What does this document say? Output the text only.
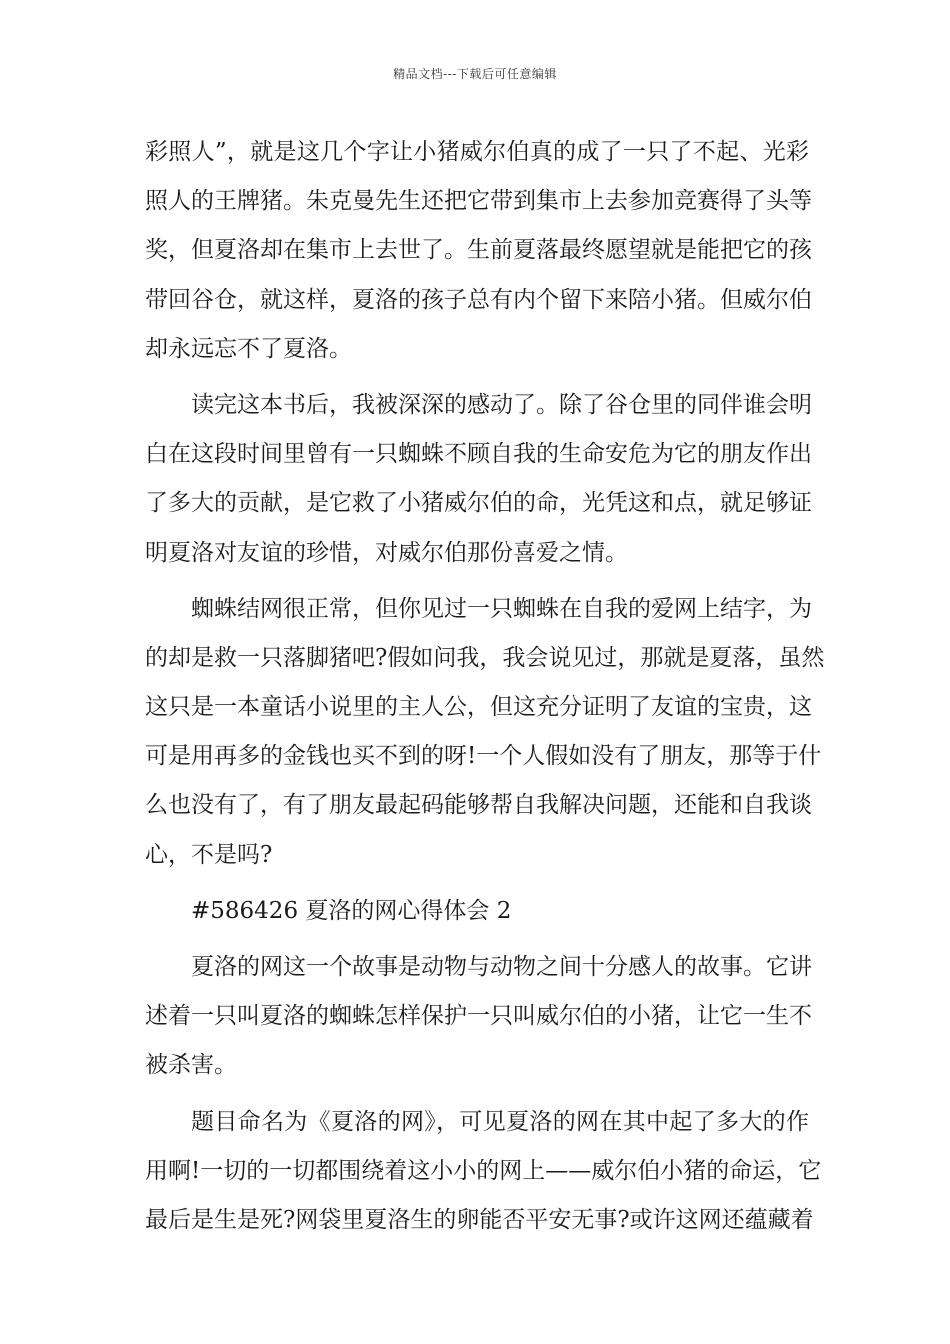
精品文档---下载后可任意编辑
彩照人”，就是这几个字让小猪威尔伯真的成了一只了不起、光彩
照人的王牌猪。朱克曼先生还把它带到集市上去参加竞赛得了头等
奖，但夏洛却在集市上去世了。生前夏落最终愿望就是能把它的孩
带回谷仓，就这样，夏洛的孩子总有内个留下来陪小猪。但威尔伯
却永远忘不了夏洛。
读完这本书后，我被深深的感动了。除了谷仓里的同伴谁会明
白在这段时间里曾有一只蜘蛛不顾自我的生命安危为它的朋友作出
了多大的贡献，是它救了小猪威尔伯的命，光凭这和点，就足够证
明夏洛对友谊的珍惜，对威尔伯那份喜爱之情。
蜘蛛结网很正常，但你见过一只蜘蛛在自我的爱网上结字，为
的却是救一只落脚猪吧?假如问我，我会说见过，那就是夏落，虽然
这只是一本童话小说里的主人公，但这充分证明了友谊的宝贵，这
可是用再多的金钱也买不到的呀!一个人假如没有了朋友，那等于什
么也没有了，有了朋友最起码能够帮自我解决问题，还能和自我谈
心，不是吗?
#586426 夏洛的网心得体会 2
夏洛的网这一个故事是动物与动物之间十分感人的故事。它讲
述着一只叫夏洛的蜘蛛怎样保护一只叫威尔伯的小猪，让它一生不
被杀害。
题目命名为《夏洛的网》，可见夏洛的网在其中起了多大的作
用啊!一切的一切都围绕着这小小的网上——威尔伯小猪的命运，它
最后是生是死?网袋里夏洛生的卵能否平安无事?或许这网还蕴藏着
